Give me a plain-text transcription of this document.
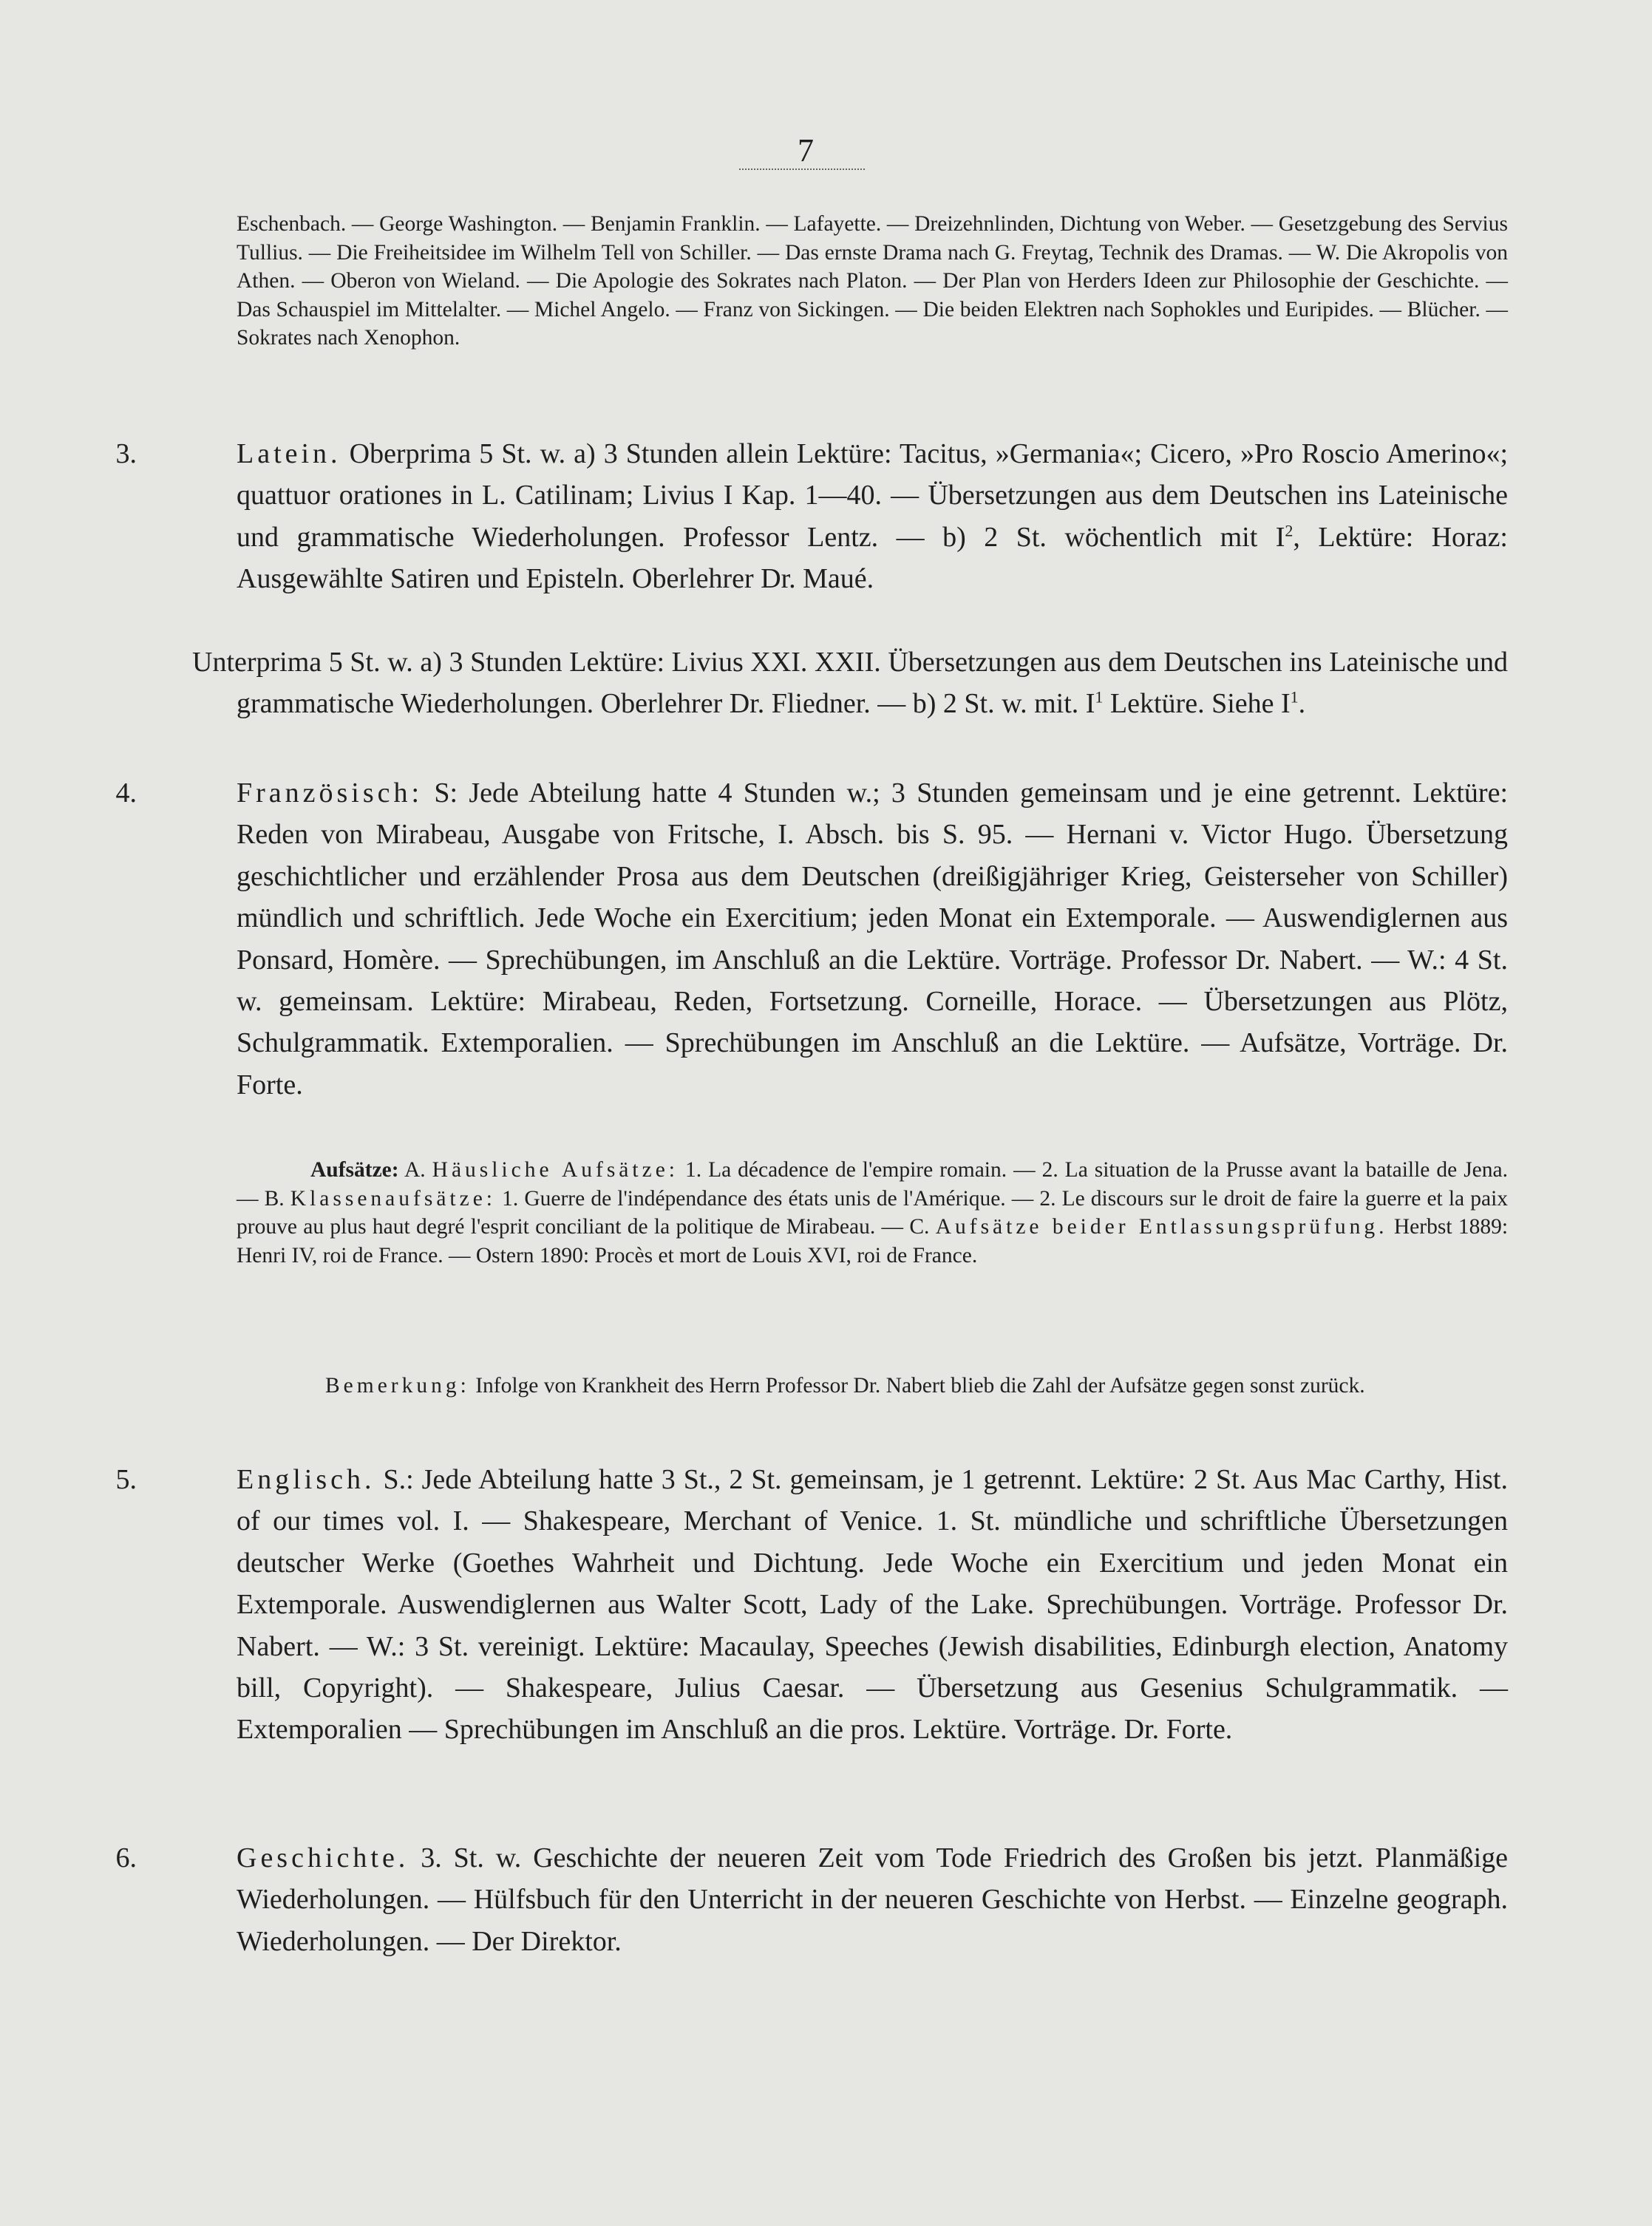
7
Eschenbach. — George Washington. — Benjamin Franklin. — Lafayette. — Dreizehnlinden, Dichtung von Weber. — Gesetzgebung des Servius Tullius. — Die Freiheitsidee im Wilhelm Tell von Schiller. — Das ernste Drama nach G. Freytag, Technik des Dramas. — W. Die Akropolis von Athen. — Oberon von Wieland. — Die Apologie des Sokrates nach Platon. — Der Plan von Herders Ideen zur Philosophie der Geschichte. — Das Schauspiel im Mittelalter. — Michel Angelo. — Franz von Sickingen. — Die beiden Elektren nach Sophokles und Euripides. — Blücher. — Sokrates nach Xenophon.
3.	Latein. Oberprima 5 St. w. a) 3 Stunden allein Lektüre: Tacitus, »Germania«; Cicero, »Pro Roscio Amerino«; quattuor orationes in L. Catilinam; Livius I Kap. 1—40. — Übersetzungen aus dem Deutschen ins Lateinische und grammatische Wiederholungen. Professor Lentz. — b) 2 St. wöchentlich mit $I^2$, Lektüre: Horaz: Ausgewählte Satiren und Episteln. Oberlehrer Dr. Maué.
Unterprima 5 St. w. a) 3 Stunden Lektüre: Livius XXI. XXII. Übersetzungen aus dem Deutschen ins Lateinische und grammatische Wiederholungen. Oberlehrer Dr. Fliedner. — b) 2 St. w. mit. $I^1$ Lektüre. Siehe $I^1$.
4.	Französisch: S: Jede Abteilung hatte 4 Stunden w.; 3 Stunden gemeinsam und je eine getrennt. Lektüre: Reden von Mirabeau, Ausgabe von Fritsche, I. Absch. bis S. 95. — Hernani v. Victor Hugo. Übersetzung geschichtlicher und erzählender Prosa aus dem Deutschen (dreißigjähriger Krieg, Geisterseher von Schiller) mündlich und schriftlich. Jede Woche ein Exercitium; jeden Monat ein Extemporale. — Auswendiglernen aus Ponsard, Homère. — Sprechübungen, im Anschluß an die Lektüre. Vorträge. Professor Dr. Nabert. — W.: 4 St. w. gemeinsam. Lektüre: Mirabeau, Reden, Fortsetzung. Corneille, Horace. — Übersetzungen aus Plötz, Schulgrammatik. Extemporalien. — Sprechübungen im Anschluß an die Lektüre. — Aufsätze, Vorträge. Dr. Forte.
Aufsätze: A. Häusliche Aufsätze: 1. La décadence de l'empire romain. — 2. La situation de la Prusse avant la bataille de Jena. — B. Klassenaufsätze: 1. Guerre de l'indépendance des états unis de l'Amérique. — 2. Le discours sur le droit de faire la guerre et la paix prouve au plus haut degré l'esprit conciliant de la politique de Mirabeau. — C. Aufsätze beider Entlassungsprüfung. Herbst 1889: Henri IV, roi de France. — Ostern 1890: Procès et mort de Louis XVI, roi de France.
Bemerkung: Infolge von Krankheit des Herrn Professor Dr. Nabert blieb die Zahl der Aufsätze gegen sonst zurück.
5.	Englisch. S.: Jede Abteilung hatte 3 St., 2 St. gemeinsam, je 1 getrennt. Lektüre: 2 St. Aus Mac Carthy, Hist. of our times vol. I. — Shakespeare, Merchant of Venice. 1. St. mündliche und schriftliche Übersetzungen deutscher Werke (Goethes Wahrheit und Dichtung. Jede Woche ein Exercitium und jeden Monat ein Extemporale. Auswendiglernen aus Walter Scott, Lady of the Lake. Sprechübungen. Vorträge. Professor Dr. Nabert. — W.: 3 St. vereinigt. Lektüre: Macaulay, Speeches (Jewish disabilities, Edinburgh election, Anatomy bill, Copyright). — Shakespeare, Julius Caesar. — Übersetzung aus Gesenius Schulgrammatik. — Extemporalien — Sprechübungen im Anschluß an die pros. Lektüre. Vorträge. Dr. Forte.
6.	Geschichte. 3. St. w. Geschichte der neueren Zeit vom Tode Friedrich des Großen bis jetzt. Planmäßige Wiederholungen. — Hülfsbuch für den Unterricht in der neueren Geschichte von Herbst. — Einzelne geograph. Wiederholungen. — Der Direktor.
